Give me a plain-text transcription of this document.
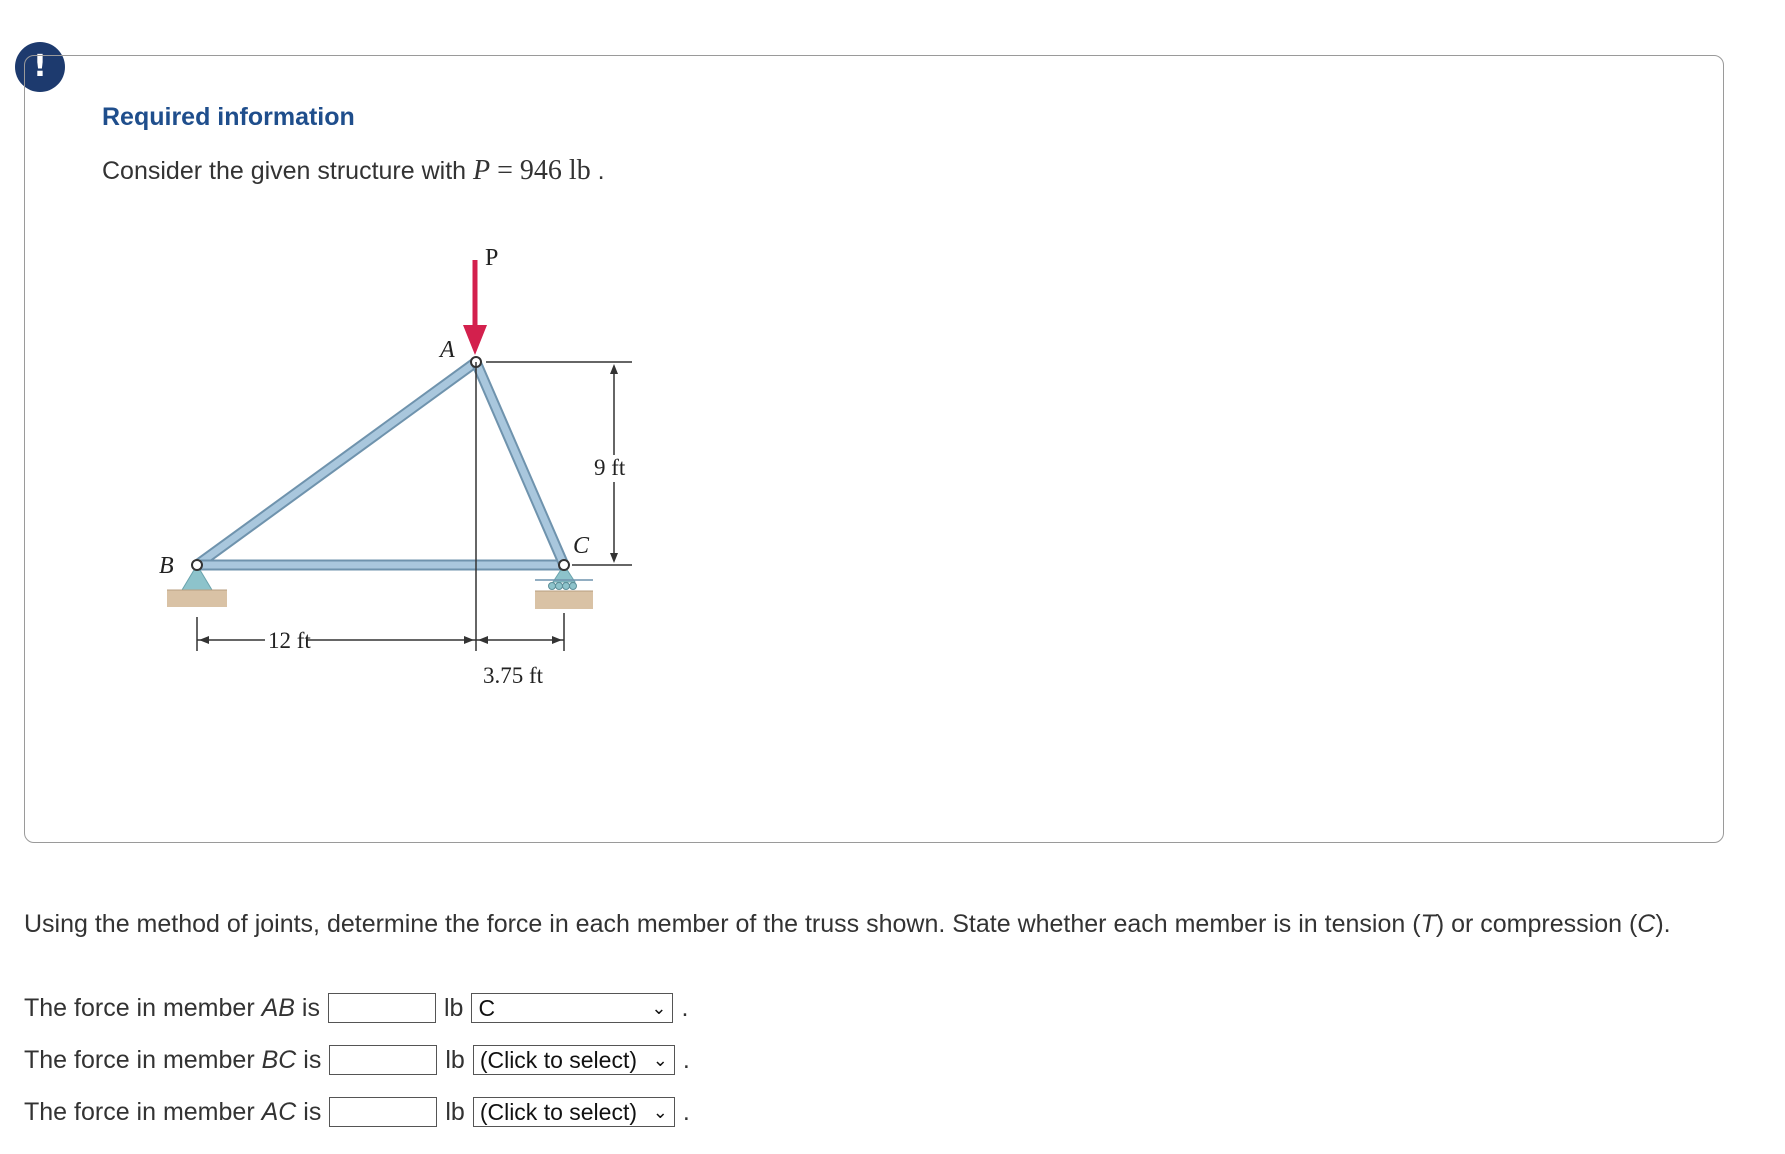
!
Required information
Consider the given structure with P = 946 lb .
P
A
B
C
9 ft
12 ft
3.75 ft
Using the method of joints, determine the force in each member of the truss shown. State whether each member is in tension (T) or compression (C).
The force in member
AB
is	lb C	⌄ .
The force in member
BC
is	lb (Click to select) ⌄ .
The force in member
AC
is	lb (Click to select) ⌄ .
